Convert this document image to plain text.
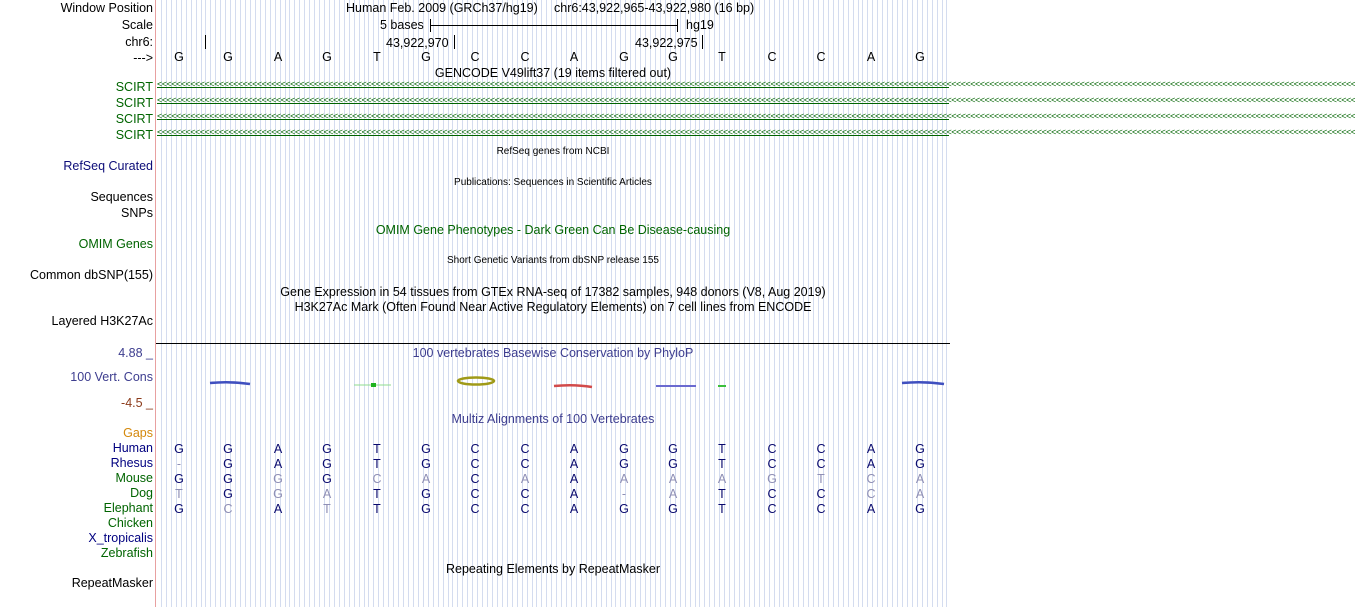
Window Position	Human Feb. 2009 (GRCh37/hg19) chr6:43,922,965-43,922,980 (16 bp)
Scale	5 bases	hg19
chr6:	43,922,970	43,922,975
--->	G	G	A	G	T	G	C	C	A	G	G	T	C	C	A	G
GENCODE V49lift37 (19 items filtered out)
SCIRT
SCIRT
SCIRT
SCIRT
<<<<<<<<<<<<<<<<<<<<<<<<<<<<<<<<<<<<<<<<<<<<<<<<<<<<<<<<<<<<<<<<<<<<<<<<<<<<<<<<<<<<<<<<<<<<<<<<<<<<<<<<<<<<<<<<<<<<<<<<<<<<<<<<<<<<<<<<<<<<<<<<<<<<<<<<<<<<<<<<<<<<<<<<<<<<<<<<<<<<<<<<<<<<<<<<<<<<<<<<<<<<<<<<<<<<<<<<<<<<<<<<<<<<<<<<<<<<<<<<<<<<<<<<<<<<
<<<<<<<<<<<<<<<<<<<<<<<<<<<<<<<<<<<<<<<<<<<<<<<<<<<<<<<<<<<<<<<<<<<<<<<<<<<<<<<<<<<<<<<<<<<<<<<<<<<<<<<<<<<<<<<<<<<<<<<<<<<<<<<<<<<<<<<<<<<<<<<<<<<<<<<<<<<<<<<<<<<<<<<<<<<<<<<<<<<<<<<<<<<<<<<<<<<<<<<<<<<<<<<<<<<<<<<<<<<<<<<<<<<<<<<<<<<<<<<<<<<<<<<<<<<<
<<<<<<<<<<<<<<<<<<<<<<<<<<<<<<<<<<<<<<<<<<<<<<<<<<<<<<<<<<<<<<<<<<<<<<<<<<<<<<<<<<<<<<<<<<<<<<<<<<<<<<<<<<<<<<<<<<<<<<<<<<<<<<<<<<<<<<<<<<<<<<<<<<<<<<<<<<<<<<<<<<<<<<<<<<<<<<<<<<<<<<<<<<<<<<<<<<<<<<<<<<<<<<<<<<<<<<<<<<<<<<<<<<<<<<<<<<<<<<<<<<<<<<<<<<<<
<<<<<<<<<<<<<<<<<<<<<<<<<<<<<<<<<<<<<<<<<<<<<<<<<<<<<<<<<<<<<<<<<<<<<<<<<<<<<<<<<<<<<<<<<<<<<<<<<<<<<<<<<<<<<<<<<<<<<<<<<<<<<<<<<<<<<<<<<<<<<<<<<<<<<<<<<<<<<<<<<<<<<<<<<<<<<<<<<<<<<<<<<<<<<<<<<<<<<<<<<<<<<<<<<<<<<<<<<<<<<<<<<<<<<<<<<<<<<<<<<<<<<<<<<<<<
RefSeq genes from NCBI
RefSeq Curated
Publications: Sequences in Scientific Articles
Sequences
SNPs
OMIM Gene Phenotypes - Dark Green Can Be Disease-causing
OMIM Genes
Short Genetic Variants from dbSNP release 155
Common dbSNP(155)
Gene Expression in 54 tissues from GTEx RNA-seq of 17382 samples, 948 donors (V8, Aug 2019)
H3K27Ac Mark (Often Found Near Active Regulatory Elements) on 7 cell lines from ENCODE
Layered H3K27Ac
4.88 _	100 vertebrates Basewise Conservation by PhyloP
100 Vert. Cons
-4.5 _
Multiz Alignments of 100 Vertebrates
Gaps
Human	G	G	A	G	T	G	C	C	A	G	G	T	C	C	A	G
Rhesus	-	G	A	G	T	G	C	C	A	G	G	T	C	C	A	G
Mouse	G	G	G	G	C	A	C	A	A	A	A	A	G	T	C	A
Dog	T	G	G	A	T	G	C	C	A	-	A	T	C	C	C	A
Elephant	G	C	A	T	T	G	C	C	A	G	G	T	C	C	A	G
Chicken
X_tropicalis
Zebrafish
Repeating Elements by RepeatMasker
RepeatMasker
